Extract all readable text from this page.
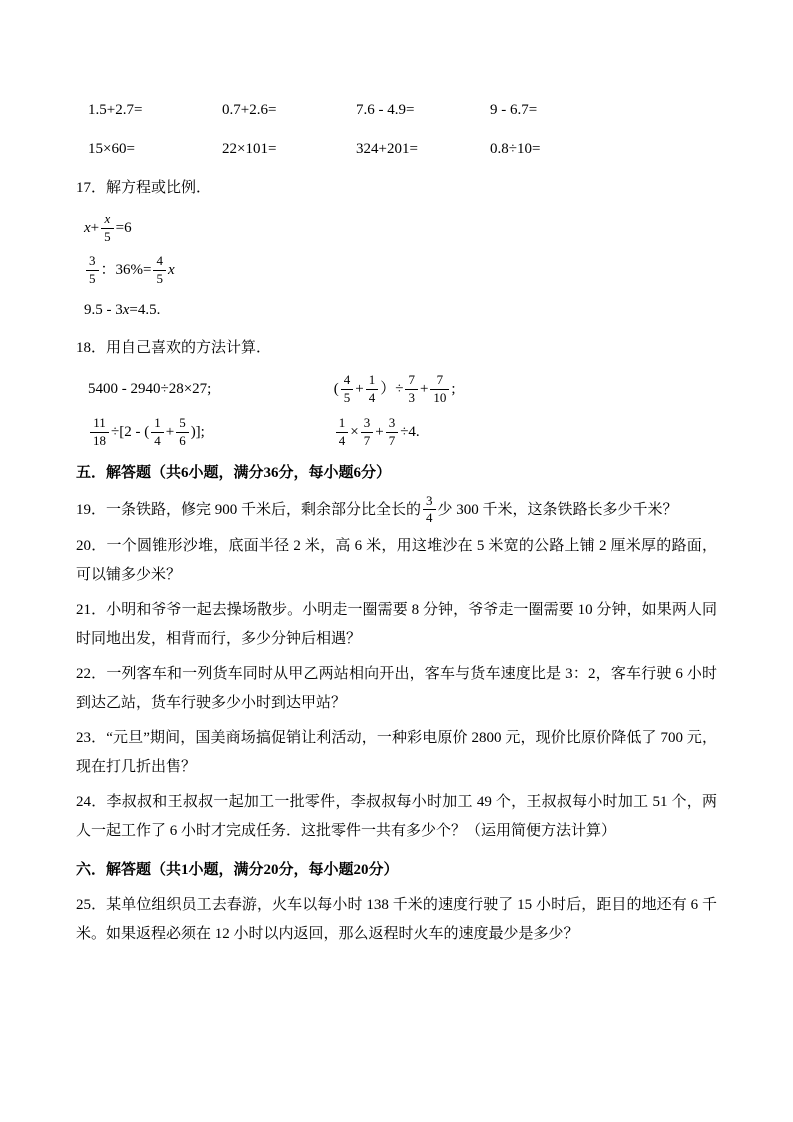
1.5+2.7=	0.7+2.6=	7.6 - 4.9=	9 - 6.7=
15×60=	22×101=	324+201=	0.8÷10=

17．解方程或比例．

$x+ \frac{x}{5} =6$
$\frac{3}{5}$ ：$36\%= \frac{4}{5}$ x
9.5 - 3x=4.5.

18．用自己喜欢的方法计算．

5400 - 2940÷28×27;	( $\frac{4}{5} + \frac{1}{4}$ ）÷ $\frac{7}{3} + \frac{7}{10}$ ;
$\frac{11}{18} \div[2$ - ( $\frac{1}{4} + \frac{5}{6}$ )];	$\frac{1}{4} \times \frac{3}{7} + \frac{3}{7} \div 4$.

五．解答题（共6小题，满分36分，每小题6分）

19．一条铁路，修完 900 千米后，剩余部分比全长的 $\frac{3}{4}$ 少 300 千米，这条铁路长多少千米？

20．一个圆锥形沙堆，底面半径 2 米，高 6 米，用这堆沙在 5 米宽的公路上铺 2 厘米厚的路面，可以铺多少米？

21．小明和爷爷一起去操场散步。小明走一圈需要 8 分钟，爷爷走一圈需要 10 分钟，如果两人同时同地出发，相背而行，多少分钟后相遇？

22．一列客车和一列货车同时从甲乙两站相向开出，客车与货车速度比是 3：2，客车行驶 6 小时到达乙站，货车行驶多少小时到达甲站？

23．“元旦”期间，国美商场搞促销让利活动，一种彩电原价 2800 元，现价比原价降低了 700 元，现在打几折出售？

24．李叔叔和王叔叔一起加工一批零件，李叔叔每小时加工 49 个，王叔叔每小时加工 51 个，两人一起工作了 6 小时才完成任务．这批零件一共有多少个？（运用简便方法计算）

六．解答题（共1小题，满分20分，每小题20分）

25．某单位组织员工去春游，火车以每小时 138 千米的速度行驶了 15 小时后，距目的地还有 6 千米。如果返程必须在 12 小时以内返回，那么返程时火车的速度最少是多少？
